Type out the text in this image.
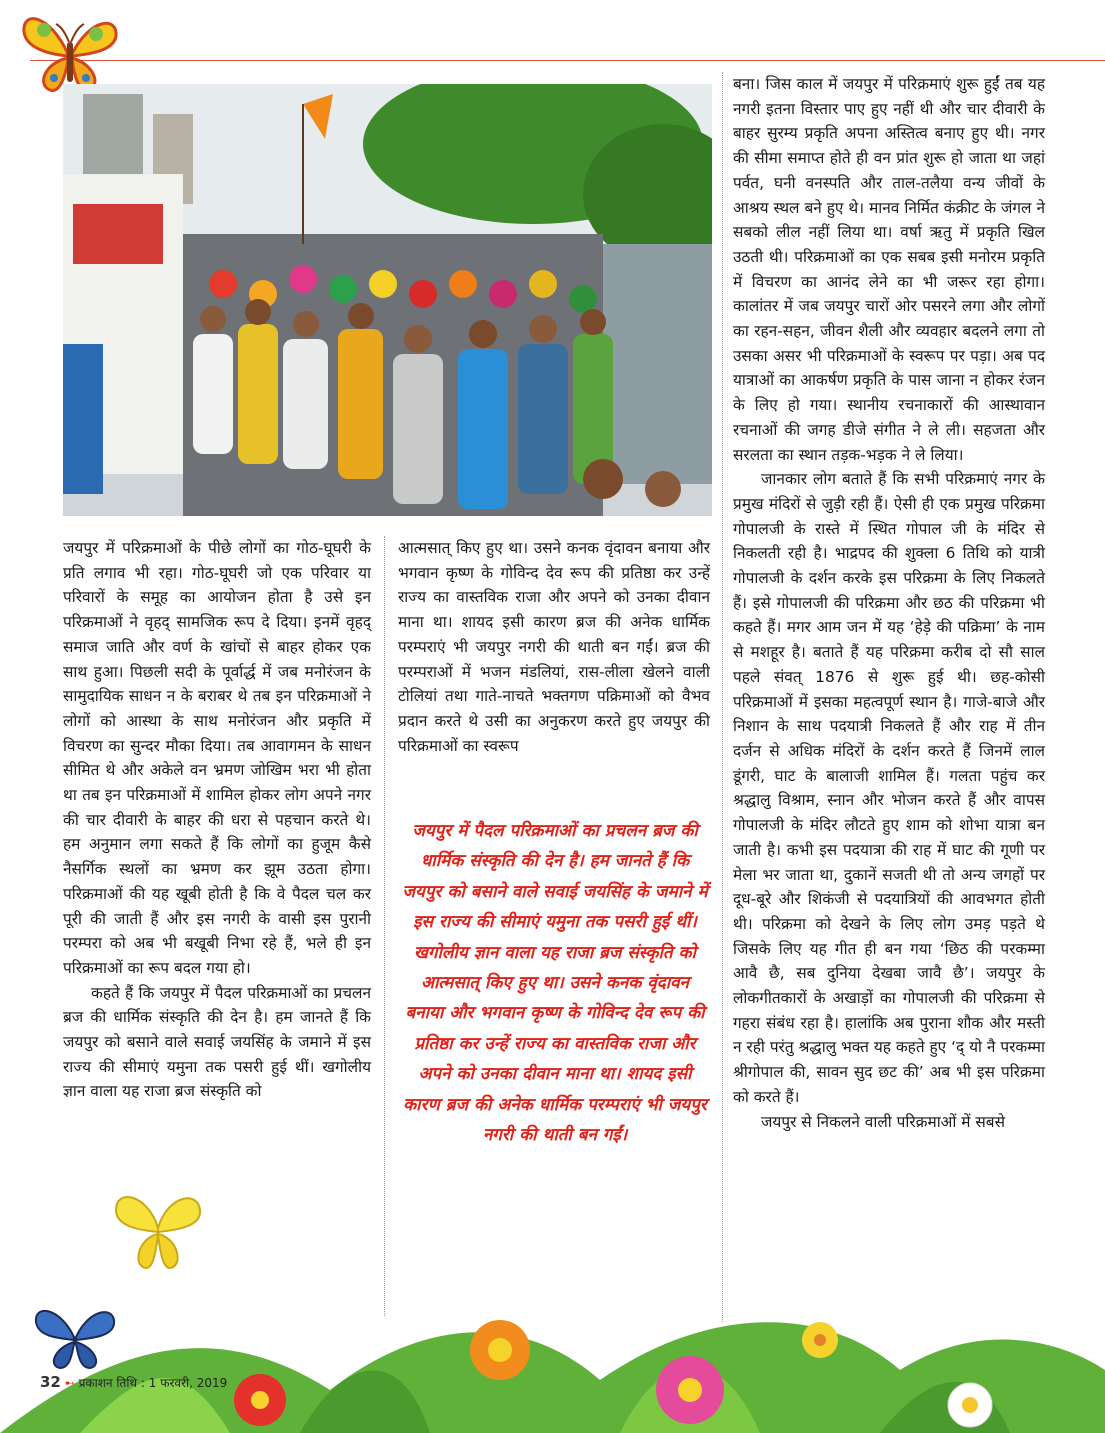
बना। जिस काल में जयपुर में परिक्रमाएं शुरू हुईं तब यह नगरी इतना विस्तार पाए हुए नहीं थी और चार दीवारी के बाहर सुरम्य प्रकृति अपना अस्तित्व बनाए हुए थी। नगर की सीमा समाप्त होते ही वन प्रांत शुरू हो जाता था जहां पर्वत, घनी वनस्पति और ताल-तलैया वन्य जीवों के आश्रय स्थल बने हुए थे। मानव निर्मित कंक्रीट के जंगल ने सबको लील नहीं लिया था। वर्षा ऋतु में प्रकृति खिल उठती थी। परिक्रमाओं का एक सबब इसी मनोरम प्रकृति में विचरण का आनंद लेने का भी जरूर रहा होगा। कालांतर में जब जयपुर चारों ओर पसरने लगा और लोगों का रहन-सहन, जीवन शैली और व्यवहार बदलने लगा तो उसका असर भी परिक्रमाओं के स्वरूप पर पड़ा। अब पद यात्राओं का आकर्षण प्रकृति के पास जाना न होकर रंजन के लिए हो गया। स्थानीय रचनाकारों की आस्थावान रचनाओं की जगह डीजे संगीत ने ले ली। सहजता और सरलता का स्थान तड़क-भड़क ने ले लिया।

जानकार लोग बताते हैं कि सभी परिक्रमाएं नगर के प्रमुख मंदिरों से जुड़ी रही हैं। ऐसी ही एक प्रमुख परिक्रमा गोपालजी के रास्ते में स्थित गोपाल जी के मंदिर से निकलती रही है। भाद्रपद की शुक्ला 6 तिथि को यात्री गोपालजी के दर्शन करके इस परिक्रमा के लिए निकलते हैं। इसे गोपालजी की परिक्रमा और छठ की परिक्रमा भी कहते हैं। मगर आम जन में यह ‘हेड़े की पक्रिमा’ के नाम से मशहूर है। बताते हैं यह परिक्रमा करीब दो सौ साल पहले संवत् 1876 से शुरू हुई थी। छह-कोसी परिक्रमाओं में इसका महत्वपूर्ण स्थान है। गाजे-बाजे और निशान के साथ पदयात्री निकलते हैं और राह में तीन दर्जन से अधिक मंदिरों के दर्शन करते हैं जिनमें लाल डूंगरी, घाट के बालाजी शामिल हैं। गलता पहुंच कर श्रद्धालु विश्राम, स्नान और भोजन करते हैं और वापस गोपालजी के मंदिर लौटते हुए शाम को शोभा यात्रा बन जाती है। कभी इस पदयात्रा की राह में घाट की गूणी पर मेला भर जाता था, दुकानें सजती थी तो अन्य जगहों पर दूध-बूरे और शिकंजी से पदयात्रियों की आवभगत होती थी। परिक्रमा को देखने के लिए लोग उमड़ पड़ते थे जिसके लिए यह गीत ही बन गया ‘छिठ की परकम्मा आवै छै, सब दुनिया देखबा जावै छै’। जयपुर के लोकगीतकारों के अखाड़ों का गोपालजी की परिक्रमा से गहरा संबंध रहा है। हालांकि अब पुराना शौक और मस्ती न रही परंतु श्रद्धालु भक्त यह कहते हुए ‘द् यो नै परकम्मा श्रीगोपाल की, सावन सुद छट की’ अब भी इस परिक्रमा को करते हैं।

जयपुर से निकलने वाली परिक्रमाओं में सबसे

जयपुर में परिक्रमाओं के पीछे लोगों का गोठ-घूघरी के प्रति लगाव भी रहा। गोठ-घूघरी जो एक परिवार या परिवारों के समूह का आयोजन होता है उसे इन परिक्रमाओं ने वृहद् सामजिक रूप दे दिया। इनमें वृहद् समाज जाति और वर्ण के खांचों से बाहर होकर एक साथ हुआ। पिछली सदी के पूर्वार्द्ध में जब मनोरंजन के सामुदायिक साधन न के बराबर थे तब इन परिक्रमाओं ने लोगों को आस्था के साथ मनोरंजन और प्रकृति में विचरण का सुन्दर मौका दिया। तब आवागमन के साधन सीमित थे और अकेले वन भ्रमण जोखिम भरा भी होता था तब इन परिक्रमाओं में शामिल होकर लोग अपने नगर की चार दीवारी के बाहर की धरा से पहचान करते थे। हम अनुमान लगा सकते हैं कि लोगों का हुजूम कैसे नैसर्गिक स्थलों का भ्रमण कर झूम उठता होगा। परिक्रमाओं की यह खूबी होती है कि वे पैदल चल कर पूरी की जाती हैं और इस नगरी के वासी इस पुरानी परम्परा को अब भी बखूबी निभा रहे हैं, भले ही इन परिक्रमाओं का रूप बदल गया हो।

कहते हैं कि जयपुर में पैदल परिक्रमाओं का प्रचलन ब्रज की धार्मिक संस्कृति की देन है। हम जानते हैं कि जयपुर को बसाने वाले सवाई जयसिंह के जमाने में इस राज्य की सीमाएं यमुना तक पसरी हुई थीं। खगोलीय ज्ञान वाला यह राजा ब्रज संस्कृति को

आत्मसात् किए हुए था। उसने कनक वृंदावन बनाया और भगवान कृष्ण के गोविन्द देव रूप की प्रतिष्ठा कर उन्हें राज्य का वास्तविक राजा और अपने को उनका दीवान माना था। शायद इसी कारण ब्रज की अनेक धार्मिक परम्पराएं भी जयपुर नगरी की थाती बन गईं। ब्रज की परम्पराओं में भजन मंडलियां, रास-लीला खेलने वाली टोलियां तथा गाते-नाचते भक्तगण पक्रिमाओं को वैभव प्रदान करते थे उसी का अनुकरण करते हुए जयपुर की परिक्रमाओं का स्वरूप

जयपुर में पैदल परिक्रमाओं का प्रचलन ब्रज की धार्मिक संस्कृति की देन है। हम जानते हैं कि जयपुर को बसाने वाले सवाई जयसिंह के जमाने में इस राज्य की सीमाएं यमुना तक पसरी हुई थीं। खगोलीय ज्ञान वाला यह राजा ब्रज संस्कृति को आत्मसात् किए हुए था। उसने कनक वृंदावन बनाया और भगवान कृष्ण के गोविन्द देव रूप की प्रतिष्ठा कर उन्हें राज्य का वास्तविक राजा और अपने को उनका दीवान माना था। शायद इसी कारण ब्रज की अनेक धार्मिक परम्पराएं भी जयपुर नगरी की थाती बन गईं।
32 ➸ प्रकाशन तिथि : 1 फरवरी, 2019
